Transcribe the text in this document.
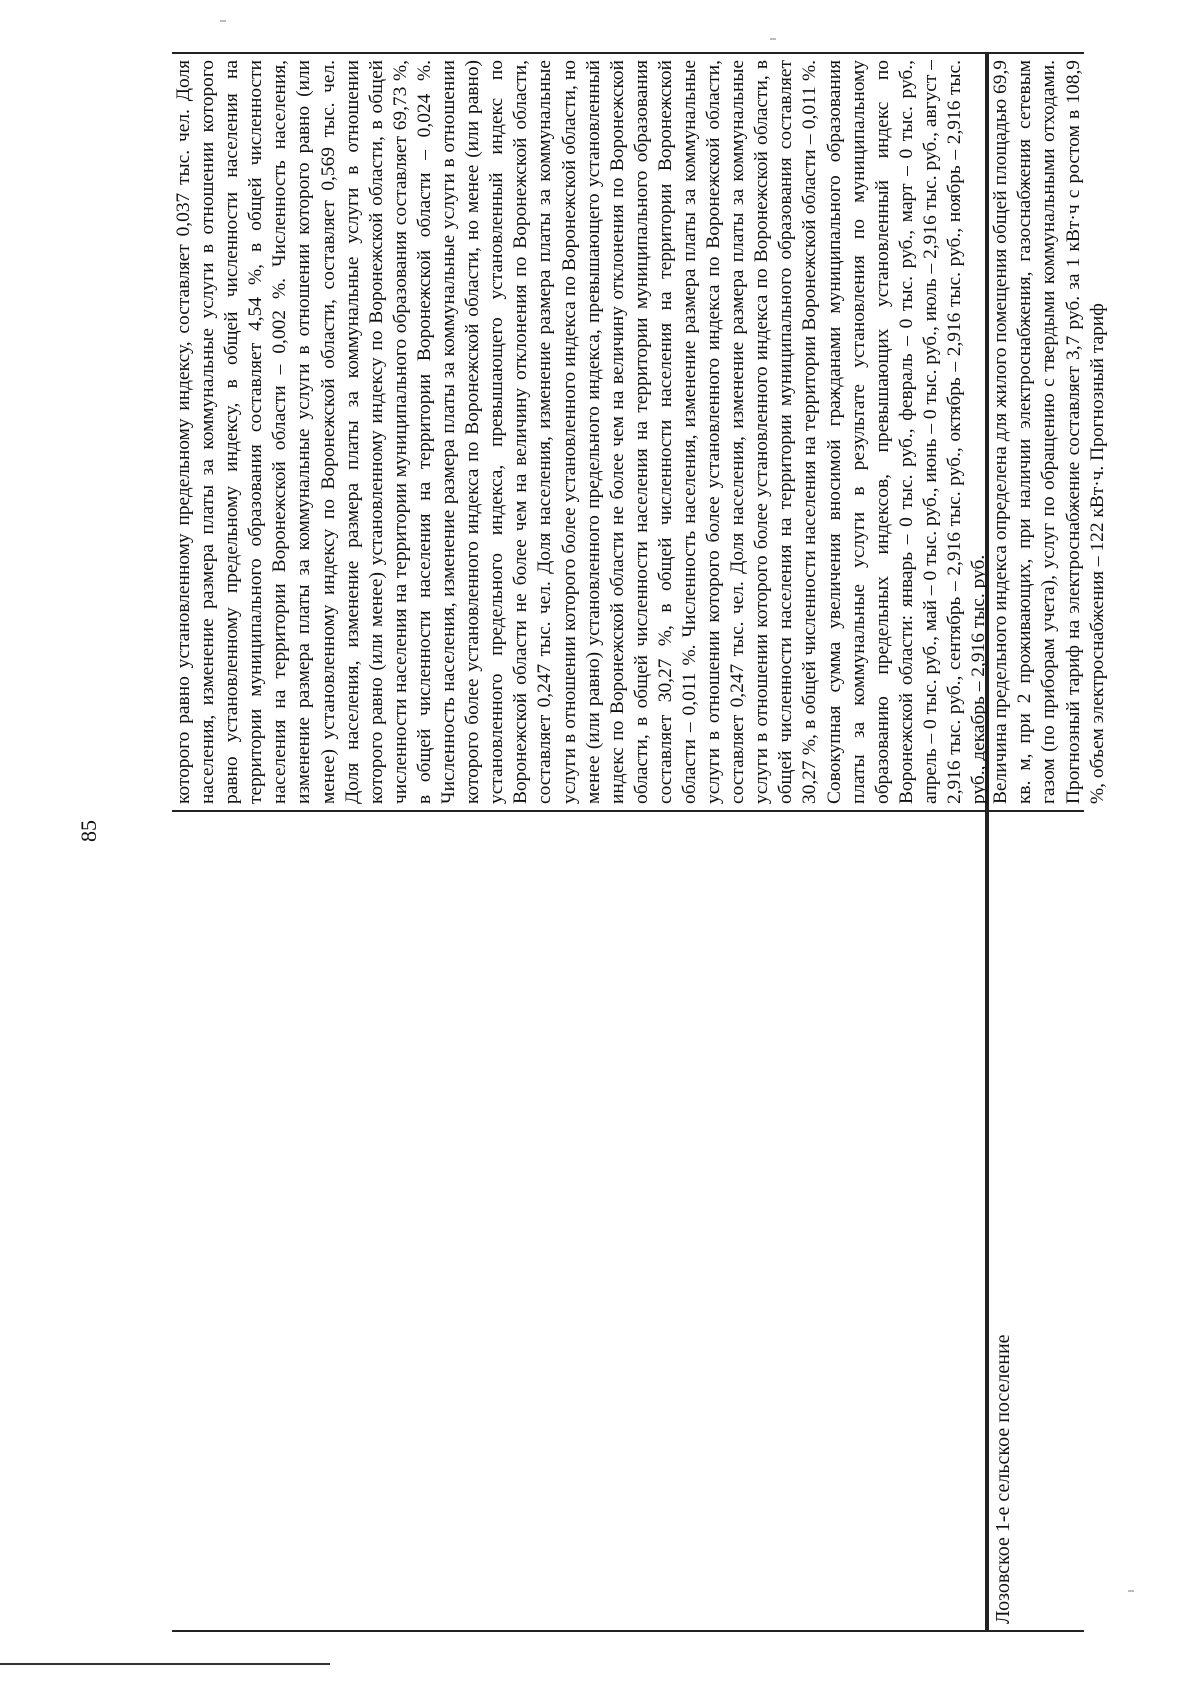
85
которого равно установленному предельному индексу, составляет 0,037 тыс. чел. Доля населения, изменение размера платы за коммунальные услуги в отношении которого равно установленному предельному индексу, в общей численности населения на территории муниципального образования составляет 4,54 %, в общей численности населения на территории Воронежской области – 0,002 %. Численность населения, изменение размера платы за коммунальные услуги в отношении которого равно (или менее) установленному индексу по Воронежской области, составляет 0,569 тыс. чел. Доля населения, изменение размера платы за коммунальные услуги в отношении которого равно (или менее) установленному индексу по Воронежской области, в общей численности населения на территории муниципального образования составляет 69,73 %, в общей численности населения на территории Воронежской области – 0,024 %. Численность населения, изменение размера платы за коммунальные услуги в отношении которого более установленного индекса по Воронежской области, но менее (или равно) установленного предельного индекса, превышающего установленный индекс по Воронежской области не более чем на величину отклонения по Воронежской области, составляет 0,247 тыс. чел. Доля населения, изменение размера платы за коммунальные услуги в отношении которого более установленного индекса по Воронежской области, но менее (или равно) установленного предельного индекса, превышающего установленный индекс по Воронежской области не более чем на величину отклонения по Воронежской области, в общей численности населения на территории муниципального образования составляет 30,27 %, в общей численности населения на территории Воронежской области – 0,011 %. Численность населения, изменение размера платы за коммунальные услуги в отношении которого более установленного индекса по Воронежской области, составляет 0,247 тыс. чел. Доля населения, изменение размера платы за коммунальные услуги в отношении которого более установленного индекса по Воронежской области, в общей численности населения на территории муниципального образования составляет 30,27 %, в общей численности населения на территории Воронежской области – 0,011 %. Совокупная сумма увеличения вносимой гражданами муниципального образования платы за коммунальные услуги в результате установления по муниципальному образованию предельных индексов, превышающих установленный индекс по Воронежской области: январь – 0 тыс. руб., февраль – 0 тыс. руб., март – 0 тыс. руб., апрель – 0 тыс. руб., май – 0 тыс. руб., июнь – 0 тыс. руб., июль – 2,916 тыс. руб., август – 2,916 тыс. руб., сентябрь – 2,916 тыс. руб., октябрь – 2,916 тыс. руб., ноябрь – 2,916 тыс. руб., декабрь – 2,916 тыс. руб.
Лозовское 1-е сельское поселение
Величина предельного индекса определена для жилого помещения общей площадью 69,9 кв. м, при 2 проживающих, при наличии электроснабжения, газоснабжения сетевым газом (по приборам учета), услуг по обращению с твердыми коммунальными отходами. Прогнозный тариф на электроснабжение составляет 3,7 руб. за 1 кВт·ч с ростом в 108,9 %, объем электроснабжения – 122 кВт·ч. Прогнозный тариф
